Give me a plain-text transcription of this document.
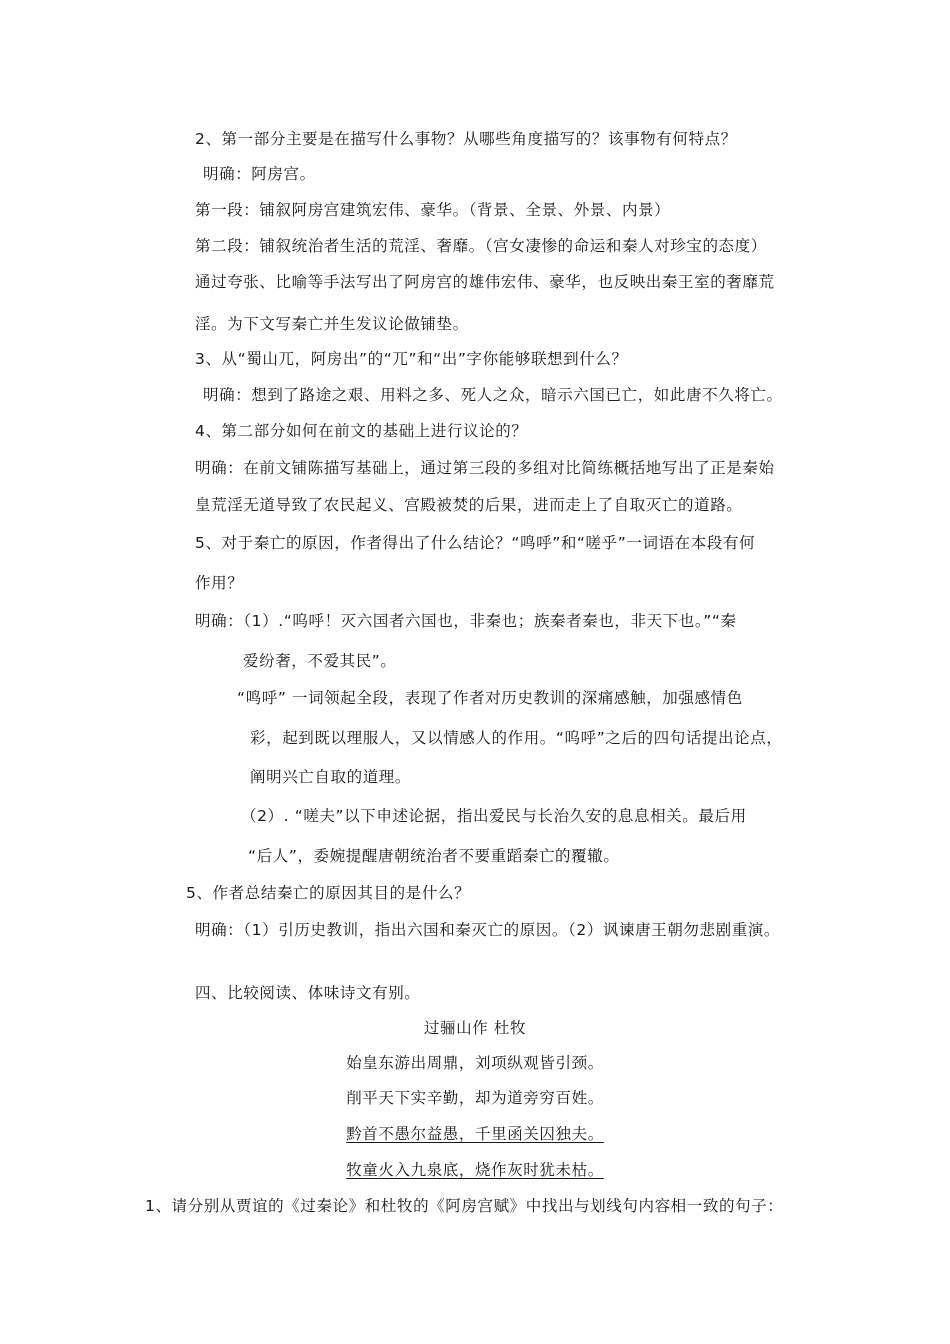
2、第一部分主要是在描写什么事物？从哪些角度描写的？该事物有何特点？
明确：阿房宫。
第一段：铺叙阿房宫建筑宏伟、豪华。（背景、全景、外景、内景）
第二段：铺叙统治者生活的荒淫、奢靡。（宫女凄惨的命运和秦人对珍宝的态度）
通过夸张、比喻等手法写出了阿房宫的雄伟宏伟、豪华，也反映出秦王室的奢靡荒
淫。为下文写秦亡并生发议论做铺垫。
3、从“蜀山兀，阿房出”的“兀”和“出”字你能够联想到什么？
明确：想到了路途之艰、用料之多、死人之众，暗示六国已亡，如此唐不久将亡。
4、第二部分如何在前文的基础上进行议论的？
明确：在前文铺陈描写基础上，通过第三段的多组对比简练概括地写出了正是秦始
皇荒淫无道导致了农民起义、宫殿被焚的后果，进而走上了自取灭亡的道路。
5、对于秦亡的原因，作者得出了什么结论？“鸣呼”和“嗟乎”一词语在本段有何
作用？
明确：（1）.“呜呼！灭六国者六国也，非秦也；族秦者秦也，非天下也。”“秦
爱纷奢，不爱其民”。
“鸣呼” 一词领起全段，表现了作者对历史教训的深痛感触，加强感情色
彩，起到既以理服人，又以情感人的作用。“呜呼”之后的四句话提出论点，
阐明兴亡自取的道理。
（2）. “嗟夫”以下申述论据，指出爱民与长治久安的息息相关。最后用
“后人”，委婉提醒唐朝统治者不要重蹈秦亡的覆辙。
5、作者总结秦亡的原因其目的是什么？
明确：（1）引历史教训，指出六国和秦灭亡的原因。（2）讽谏唐王朝勿悲剧重演。
四、比较阅读、体味诗文有别。
过骊山作 杜牧
始皇东游出周鼎，刘项纵观皆引颈。
削平天下实辛勤，却为道旁穷百姓。
黔首不愚尔益愚，千里函关囚独夫。
牧童火入九泉底，烧作灰时犹未枯。
1、请分别从贾谊的《过秦论》和杜牧的《阿房宫赋》中找出与划线句内容相一致的句子：
